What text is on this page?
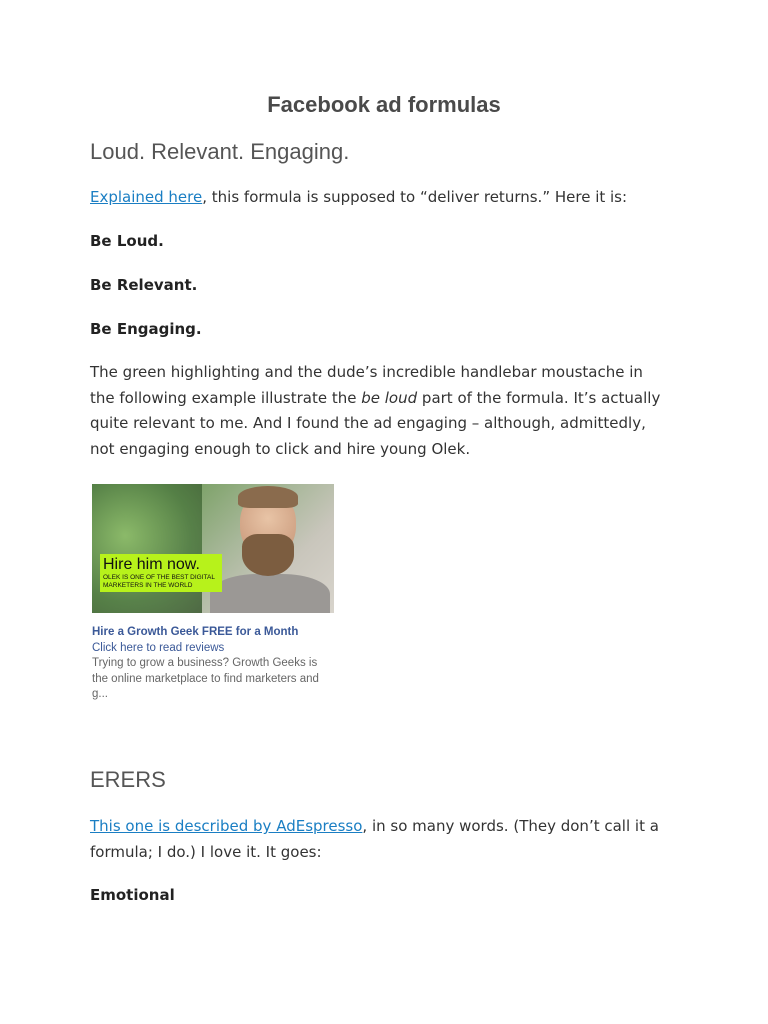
Facebook ad formulas
Loud. Relevant. Engaging.

Explained here, this formula is supposed to “deliver returns.” Here it is:

Be Loud.

Be Relevant.

Be Engaging.

The green highlighting and the dude’s incredible handlebar moustache in the following example illustrate the be loud part of the formula. It’s actually quite relevant to me. And I found the ad engaging – although, admittedly, not engaging enough to click and hire young Olek.

Hire him now.
OLEK IS ONE OF THE BEST DIGITAL MARKETERS IN THE WORLD
Hire a Growth Geek FREE for a Month
Click here to read reviews
Trying to grow a business? Growth Geeks is the online marketplace to find marketers and g...
ERERS

This one is described by AdEspresso, in so many words. (They don’t call it a formula; I do.) I love it. It goes:

Emotional
